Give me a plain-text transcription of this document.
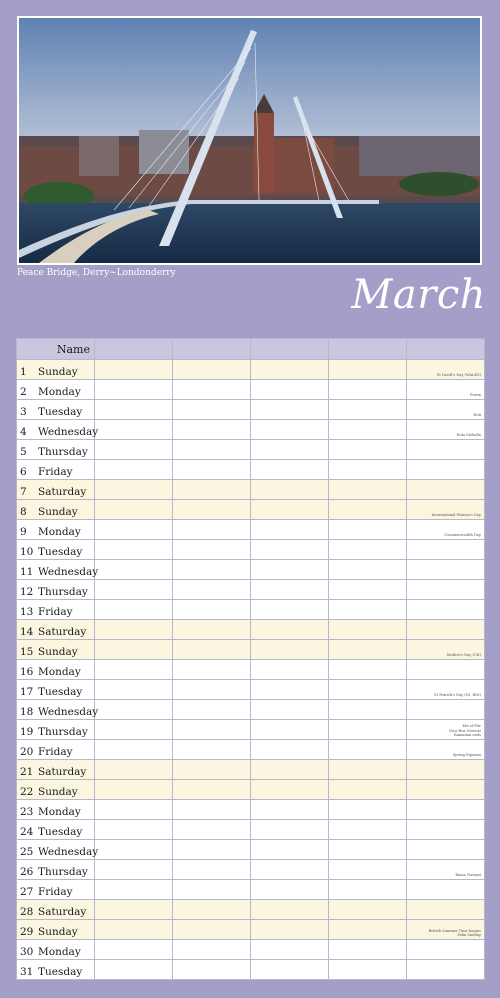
Peace Bridge, Derry~Londonderry	March
Name					
1 Sunday					St David's Day (WALES)
2 Monday					Purim
3 Tuesday					Holi
4 Wednesday					Hola Mohalla
5 Thursday					
6 Friday					
7 Saturday					
8 Sunday					International Women's Day
9 Monday					Commonwealth Day
10 Tuesday					
11 Wednesday					
12 Thursday					
13 Friday					
14 Saturday					
15 Sunday					Mother's Day (UK)
16 Monday					
17 Tuesday					St Patrick's Day (NI, ROI)
18 Wednesday					
19 Thursday					Eid al-Fitr
Naw-Ruz Nowruz
Ramadan ends
20 Friday					Spring Equinox
21 Saturday					
22 Sunday					
23 Monday					
24 Tuesday					
25 Wednesday					
26 Thursday					Rama Navami
27 Friday					
28 Saturday					
29 Sunday					British Summer Time begins
Palm Sunday
30 Monday					
31 Tuesday					
